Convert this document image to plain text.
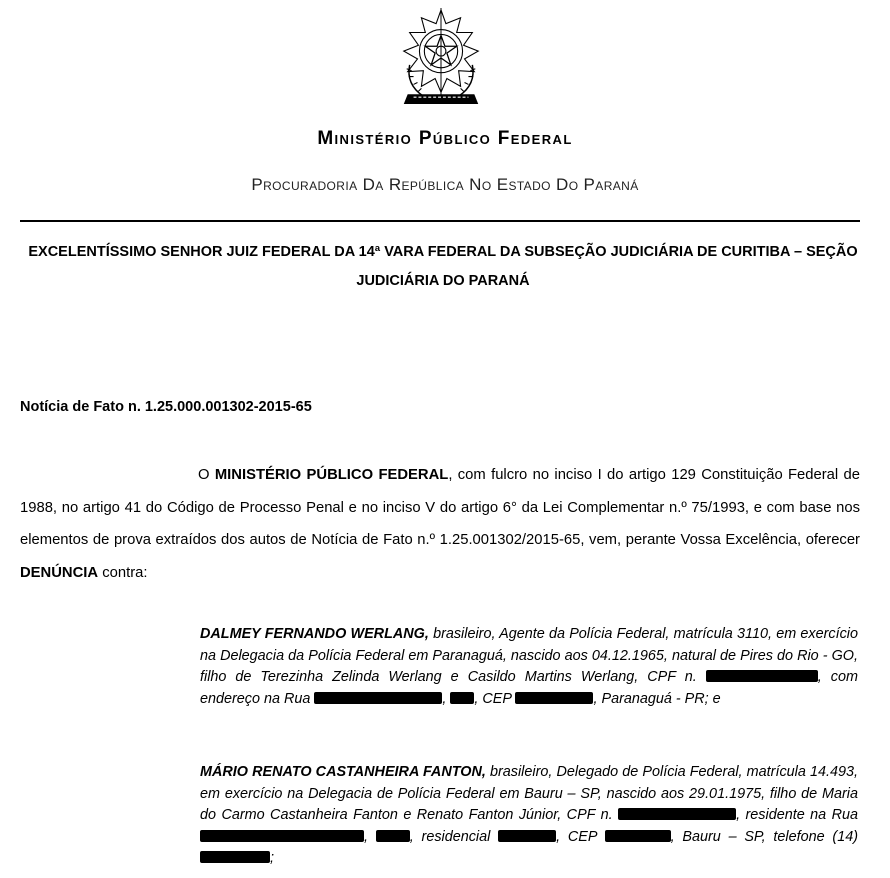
Ministério Público Federal
Procuradoria Da República No Estado Do Paraná
EXCELENTÍSSIMO SENHOR JUIZ FEDERAL DA 14ª VARA FEDERAL DA SUBSEÇÃO JUDICIÁRIA DE CURITIBA – SEÇÃO JUDICIÁRIA DO PARANÁ
Notícia de Fato n. 1.25.000.001302-2015-65

O MINISTÉRIO PÚBLICO FEDERAL, com fulcro no inciso I do artigo 129 Constituição Federal de 1988, no artigo 41 do Código de Processo Penal e no inciso V do artigo 6° da Lei Complementar n.º 75/1993, e com base nos elementos de prova extraídos dos autos de Notícia de Fato n.º 1.25.001302/2015-65, vem, perante Vossa Excelência, oferecer DENÚNCIA contra:

DALMEY FERNANDO WERLANG, brasileiro, Agente da Polícia Federal, matrícula 3110, em exercício na Delegacia da Polícia Federal em Paranaguá, nascido aos 04.12.1965, natural de Pires do Rio - GO, filho de Terezinha Zelinda Werlang e Casildo Martins Werlang, CPF n.	, com endereço na Rua	, , CEP	, Paranaguá - PR; e

MÁRIO RENATO CASTANHEIRA FANTON, brasileiro, Delegado de Polícia Federal, matrícula 14.493, em exercício na Delegacia de Polícia Federal em Bauru – SP, nascido aos 29.01.1975, filho de Maria do Carmo Castanheira Fanton e Renato Fanton Júnior, CPF n.	, residente na Rua , , residencial	, CEP	, Bauru – SP, telefone (14) ;
